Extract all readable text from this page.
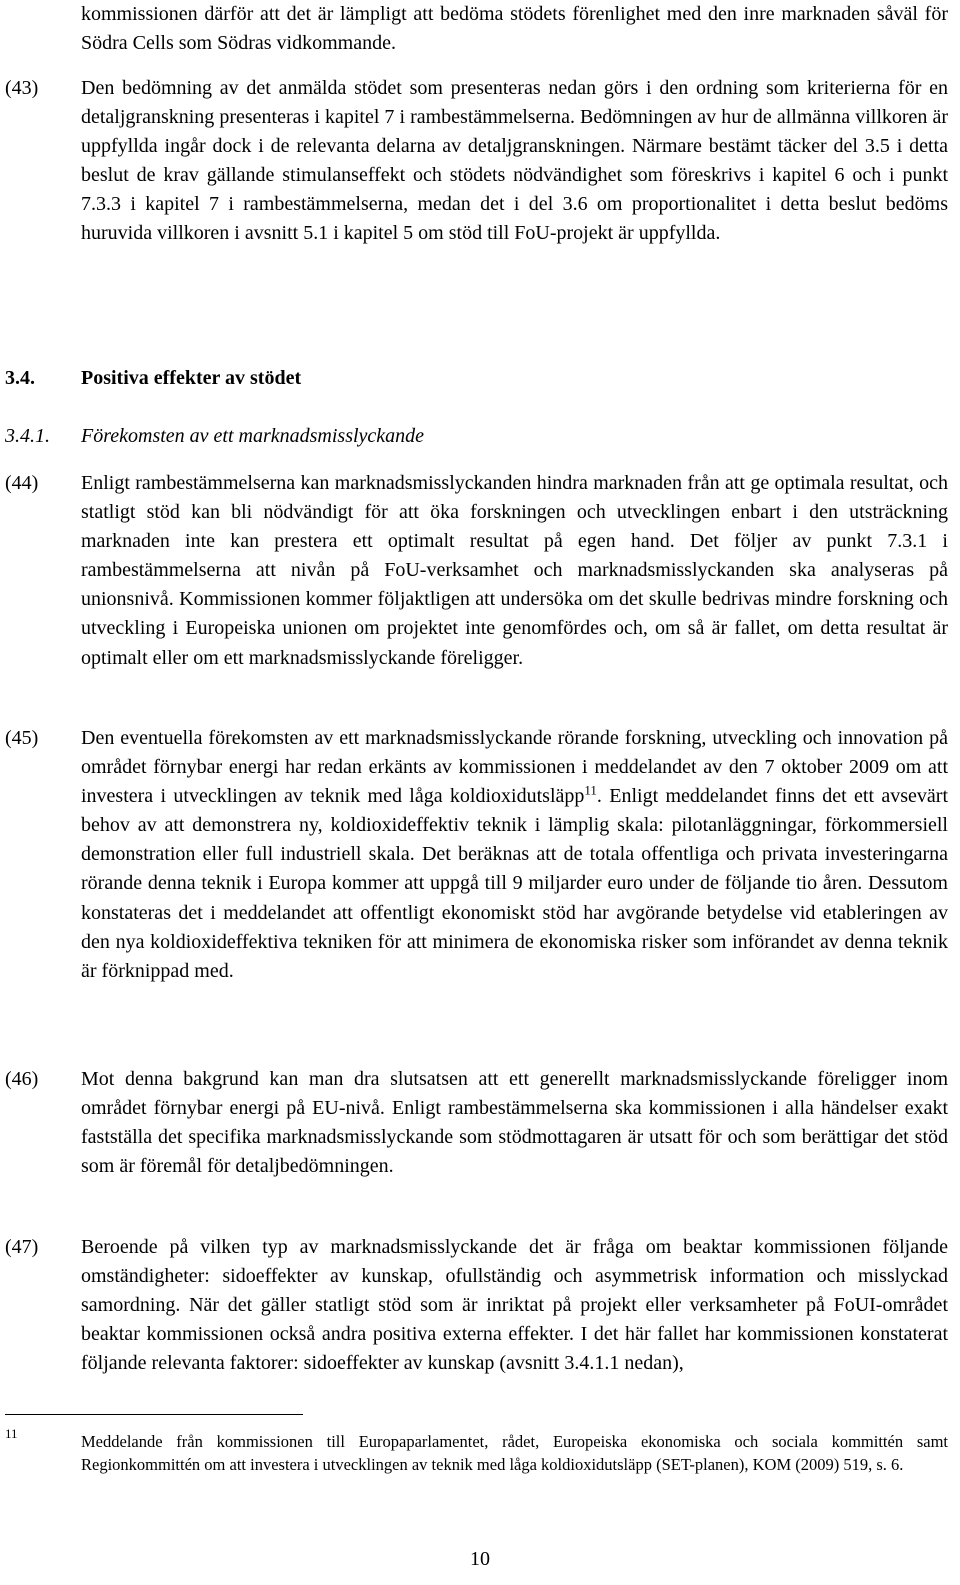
kommissionen därför att det är lämpligt att bedöma stödets förenlighet med den inre marknaden såväl för Södra Cells som Södras vidkommande.
(43) Den bedömning av det anmälda stödet som presenteras nedan görs i den ordning som kriterierna för en detaljgranskning presenteras i kapitel 7 i rambestämmelserna. Bedömningen av hur de allmänna villkoren är uppfyllda ingår dock i de relevanta delarna av detaljgranskningen. Närmare bestämt täcker del 3.5 i detta beslut de krav gällande stimulanseffekt och stödets nödvändighet som föreskrivs i kapitel 6 och i punkt 7.3.3 i kapitel 7 i rambestämmelserna, medan det i del 3.6 om proportionalitet i detta beslut bedöms huruvida villkoren i avsnitt 5.1 i kapitel 5 om stöd till FoU-projekt är uppfyllda.
3.4. Positiva effekter av stödet
3.4.1. Förekomsten av ett marknadsmisslyckande
(44) Enligt rambestämmelserna kan marknadsmisslyckanden hindra marknaden från att ge optimala resultat, och statligt stöd kan bli nödvändigt för att öka forskningen och utvecklingen enbart i den utsträckning marknaden inte kan prestera ett optimalt resultat på egen hand. Det följer av punkt 7.3.1 i rambestämmelserna att nivån på FoU-verksamhet och marknadsmisslyckanden ska analyseras på unionsnivå. Kommissionen kommer följaktligen att undersöka om det skulle bedrivas mindre forskning och utveckling i Europeiska unionen om projektet inte genomfördes och, om så är fallet, om detta resultat är optimalt eller om ett marknadsmisslyckande föreligger.
(45) Den eventuella förekomsten av ett marknadsmisslyckande rörande forskning, utveckling och innovation på området förnybar energi har redan erkänts av kommissionen i meddelandet av den 7 oktober 2009 om att investera i utvecklingen av teknik med låga koldioxidutsläpp$^{11}$. Enligt meddelandet finns det ett avsevärt behov av att demonstrera ny, koldioxideffektiv teknik i lämplig skala: pilotanläggningar, förkommersiell demonstration eller full industriell skala. Det beräknas att de totala offentliga och privata investeringarna rörande denna teknik i Europa kommer att uppgå till 9 miljarder euro under de följande tio åren. Dessutom konstateras det i meddelandet att offentligt ekonomiskt stöd har avgörande betydelse vid etableringen av den nya koldioxideffektiva tekniken för att minimera de ekonomiska risker som införandet av denna teknik är förknippad med.
(46) Mot denna bakgrund kan man dra slutsatsen att ett generellt marknadsmisslyckande föreligger inom området förnybar energi på EU-nivå. Enligt rambestämmelserna ska kommissionen i alla händelser exakt fastställa det specifika marknadsmisslyckande som stödmottagaren är utsatt för och som berättigar det stöd som är föremål för detaljbedömningen.
(47) Beroende på vilken typ av marknadsmisslyckande det är fråga om beaktar kommissionen följande omständigheter: sidoeffekter av kunskap, ofullständig och asymmetrisk information och misslyckad samordning. När det gäller statligt stöd som är inriktat på projekt eller verksamheter på FoUI-området beaktar kommissionen också andra positiva externa effekter. I det här fallet har kommissionen konstaterat följande relevanta faktorer: sidoeffekter av kunskap (avsnitt 3.4.1.1 nedan),
11	Meddelande från kommissionen till Europaparlamentet, rådet, Europeiska ekonomiska och sociala kommittén samt Regionkommittén om att investera i utvecklingen av teknik med låga koldioxidutsläpp (SET-planen), KOM (2009) 519, s. 6.
10
